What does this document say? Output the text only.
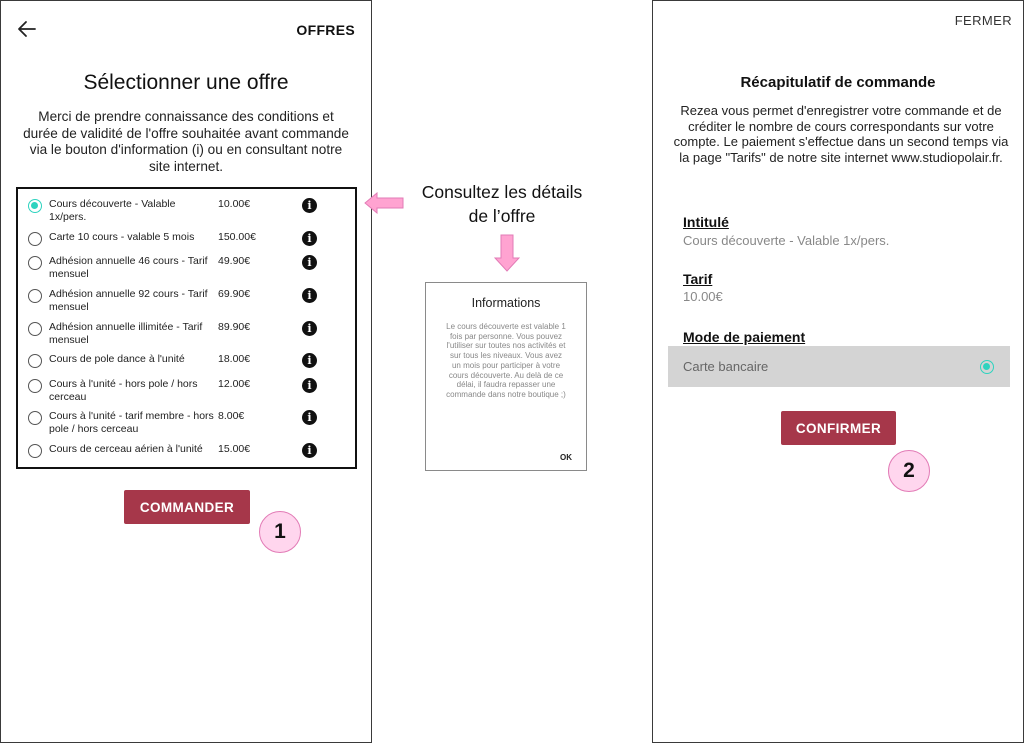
OFFRES
Sélectionner une offre
Merci de prendre connaissance des conditions et durée de validité de l'offre souhaitée avant commande via le bouton d'information (i) ou en consultant notre site internet.
Cours découverte - Valable 1x/pers.
10.00€	i
Carte 10 cours - valable 5 mois	150.00€	i
Adhésion annuelle 46 cours - Tarif mensuel
49.90€	i
Adhésion annuelle 92 cours - Tarif mensuel
69.90€	i
Adhésion annuelle illimitée - Tarif mensuel
89.90€	i
Cours de pole dance à l'unité	18.00€	i
Cours à l'unité - hors pole / hors cerceau
12.00€	i
Cours à l'unité - tarif membre - hors pole / hors cerceau
8.00€	i
Cours de cerceau aérien à l'unité	15.00€	i
COMMANDER
1
Consultez les détails de l’offre
Informations
Le cours découverte est valable 1 fois par personne. Vous pouvez l'utiliser sur toutes nos activités et sur tous les niveaux. Vous avez un mois pour participer à votre cours découverte. Au delà de ce délai, il faudra repasser une commande dans notre boutique ;)
OK
FERMER
Récapitulatif de commande
Rezea vous permet d'enregistrer votre commande et de créditer le nombre de cours correspondants sur votre compte. Le paiement s'effectue dans un second temps via la page "Tarifs" de notre site internet www.studiopolair.fr.
Intitulé
Cours découverte - Valable 1x/pers.
Tarif
10.00€
Mode de paiement
Carte bancaire
CONFIRMER
2
